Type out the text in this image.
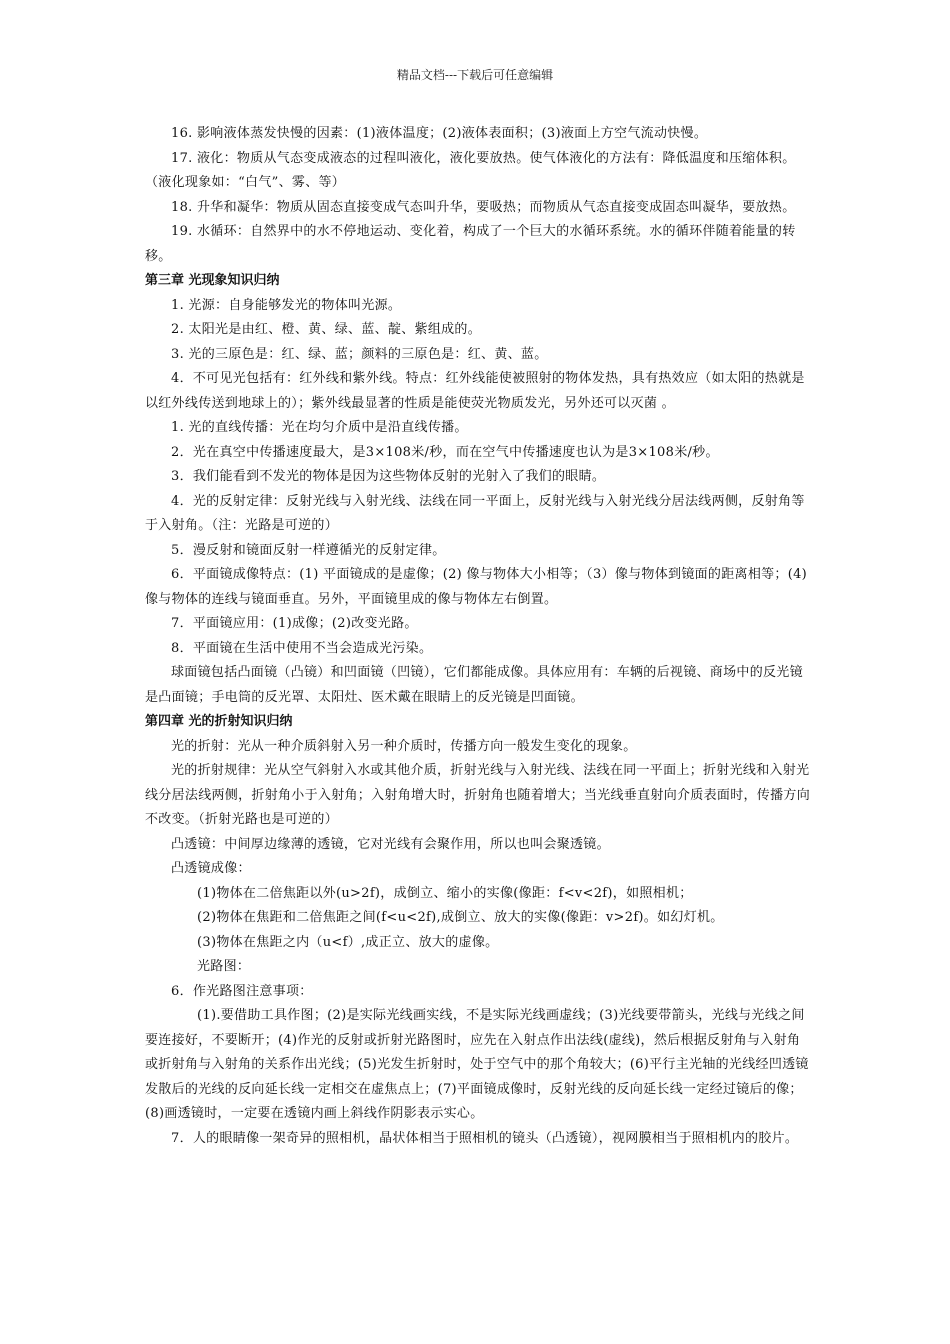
精品文档---下载后可任意编辑

16. 影响液体蒸发快慢的因素：(1)液体温度；(2)液体表面积；(3)液面上方空气流动快慢。

17. 液化：物质从气态变成液态的过程叫液化，液化要放热。使气体液化的方法有：降低温度和压缩体积。（液化现象如：“白气”、雾、等）

18. 升华和凝华：物质从固态直接变成气态叫升华，要吸热；而物质从气态直接变成固态叫凝华，要放热。

19. 水循环：自然界中的水不停地运动、变化着，构成了一个巨大的水循环系统。水的循环伴随着能量的转移。

第三章 光现象知识归纳

1. 光源：自身能够发光的物体叫光源。

2. 太阳光是由红、橙、黄、绿、蓝、靛、紫组成的。

3. 光的三原色是：红、绿、蓝；颜料的三原色是：红、黄、蓝。

4．不可见光包括有：红外线和紫外线。特点：红外线能使被照射的物体发热，具有热效应（如太阳的热就是以红外线传送到地球上的）；紫外线最显著的性质是能使荧光物质发光，另外还可以灭菌 。

1. 光的直线传播：光在均匀介质中是沿直线传播。

2．光在真空中传播速度最大，是3×108米/秒，而在空气中传播速度也认为是3×108米/秒。

3．我们能看到不发光的物体是因为这些物体反射的光射入了我们的眼睛。

4．光的反射定律：反射光线与入射光线、法线在同一平面上，反射光线与入射光线分居法线两侧，反射角等于入射角。（注：光路是可逆的）

5．漫反射和镜面反射一样遵循光的反射定律。

6．平面镜成像特点：(1) 平面镜成的是虚像；(2) 像与物体大小相等；（3）像与物体到镜面的距离相等；(4)像与物体的连线与镜面垂直。另外，平面镜里成的像与物体左右倒置。

7．平面镜应用：(1)成像；(2)改变光路。

8．平面镜在生活中使用不当会造成光污染。

球面镜包括凸面镜（凸镜）和凹面镜（凹镜），它们都能成像。具体应用有：车辆的后视镜、商场中的反光镜是凸面镜；手电筒的反光罩、太阳灶、医术戴在眼睛上的反光镜是凹面镜。

第四章 光的折射知识归纳

光的折射：光从一种介质斜射入另一种介质时，传播方向一般发生变化的现象。

光的折射规律：光从空气斜射入水或其他介质，折射光线与入射光线、法线在同一平面上；折射光线和入射光线分居法线两侧，折射角小于入射角；入射角增大时，折射角也随着增大；当光线垂直射向介质表面时，传播方向不改变。（折射光路也是可逆的）

凸透镜：中间厚边缘薄的透镜，它对光线有会聚作用，所以也叫会聚透镜。

凸透镜成像：

(1)物体在二倍焦距以外(u>2f)，成倒立、缩小的实像(像距：f<v<2f)，如照相机；

(2)物体在焦距和二倍焦距之间(f<u<2f),成倒立、放大的实像(像距：v>2f)。如幻灯机。

(3)物体在焦距之内（u<f）,成正立、放大的虚像。

光路图：

6．作光路图注意事项：

(1).要借助工具作图；(2)是实际光线画实线，不是实际光线画虚线；(3)光线要带箭头，光线与光线之间要连接好，不要断开；(4)作光的反射或折射光路图时，应先在入射点作出法线(虚线)，然后根据反射角与入射角或折射角与入射角的关系作出光线；(5)光发生折射时，处于空气中的那个角较大；(6)平行主光轴的光线经凹透镜发散后的光线的反向延长线一定相交在虚焦点上；(7)平面镜成像时，反射光线的反向延长线一定经过镜后的像；(8)画透镜时，一定要在透镜内画上斜线作阴影表示实心。

7．人的眼睛像一架奇异的照相机，晶状体相当于照相机的镜头（凸透镜），视网膜相当于照相机内的胶片。
